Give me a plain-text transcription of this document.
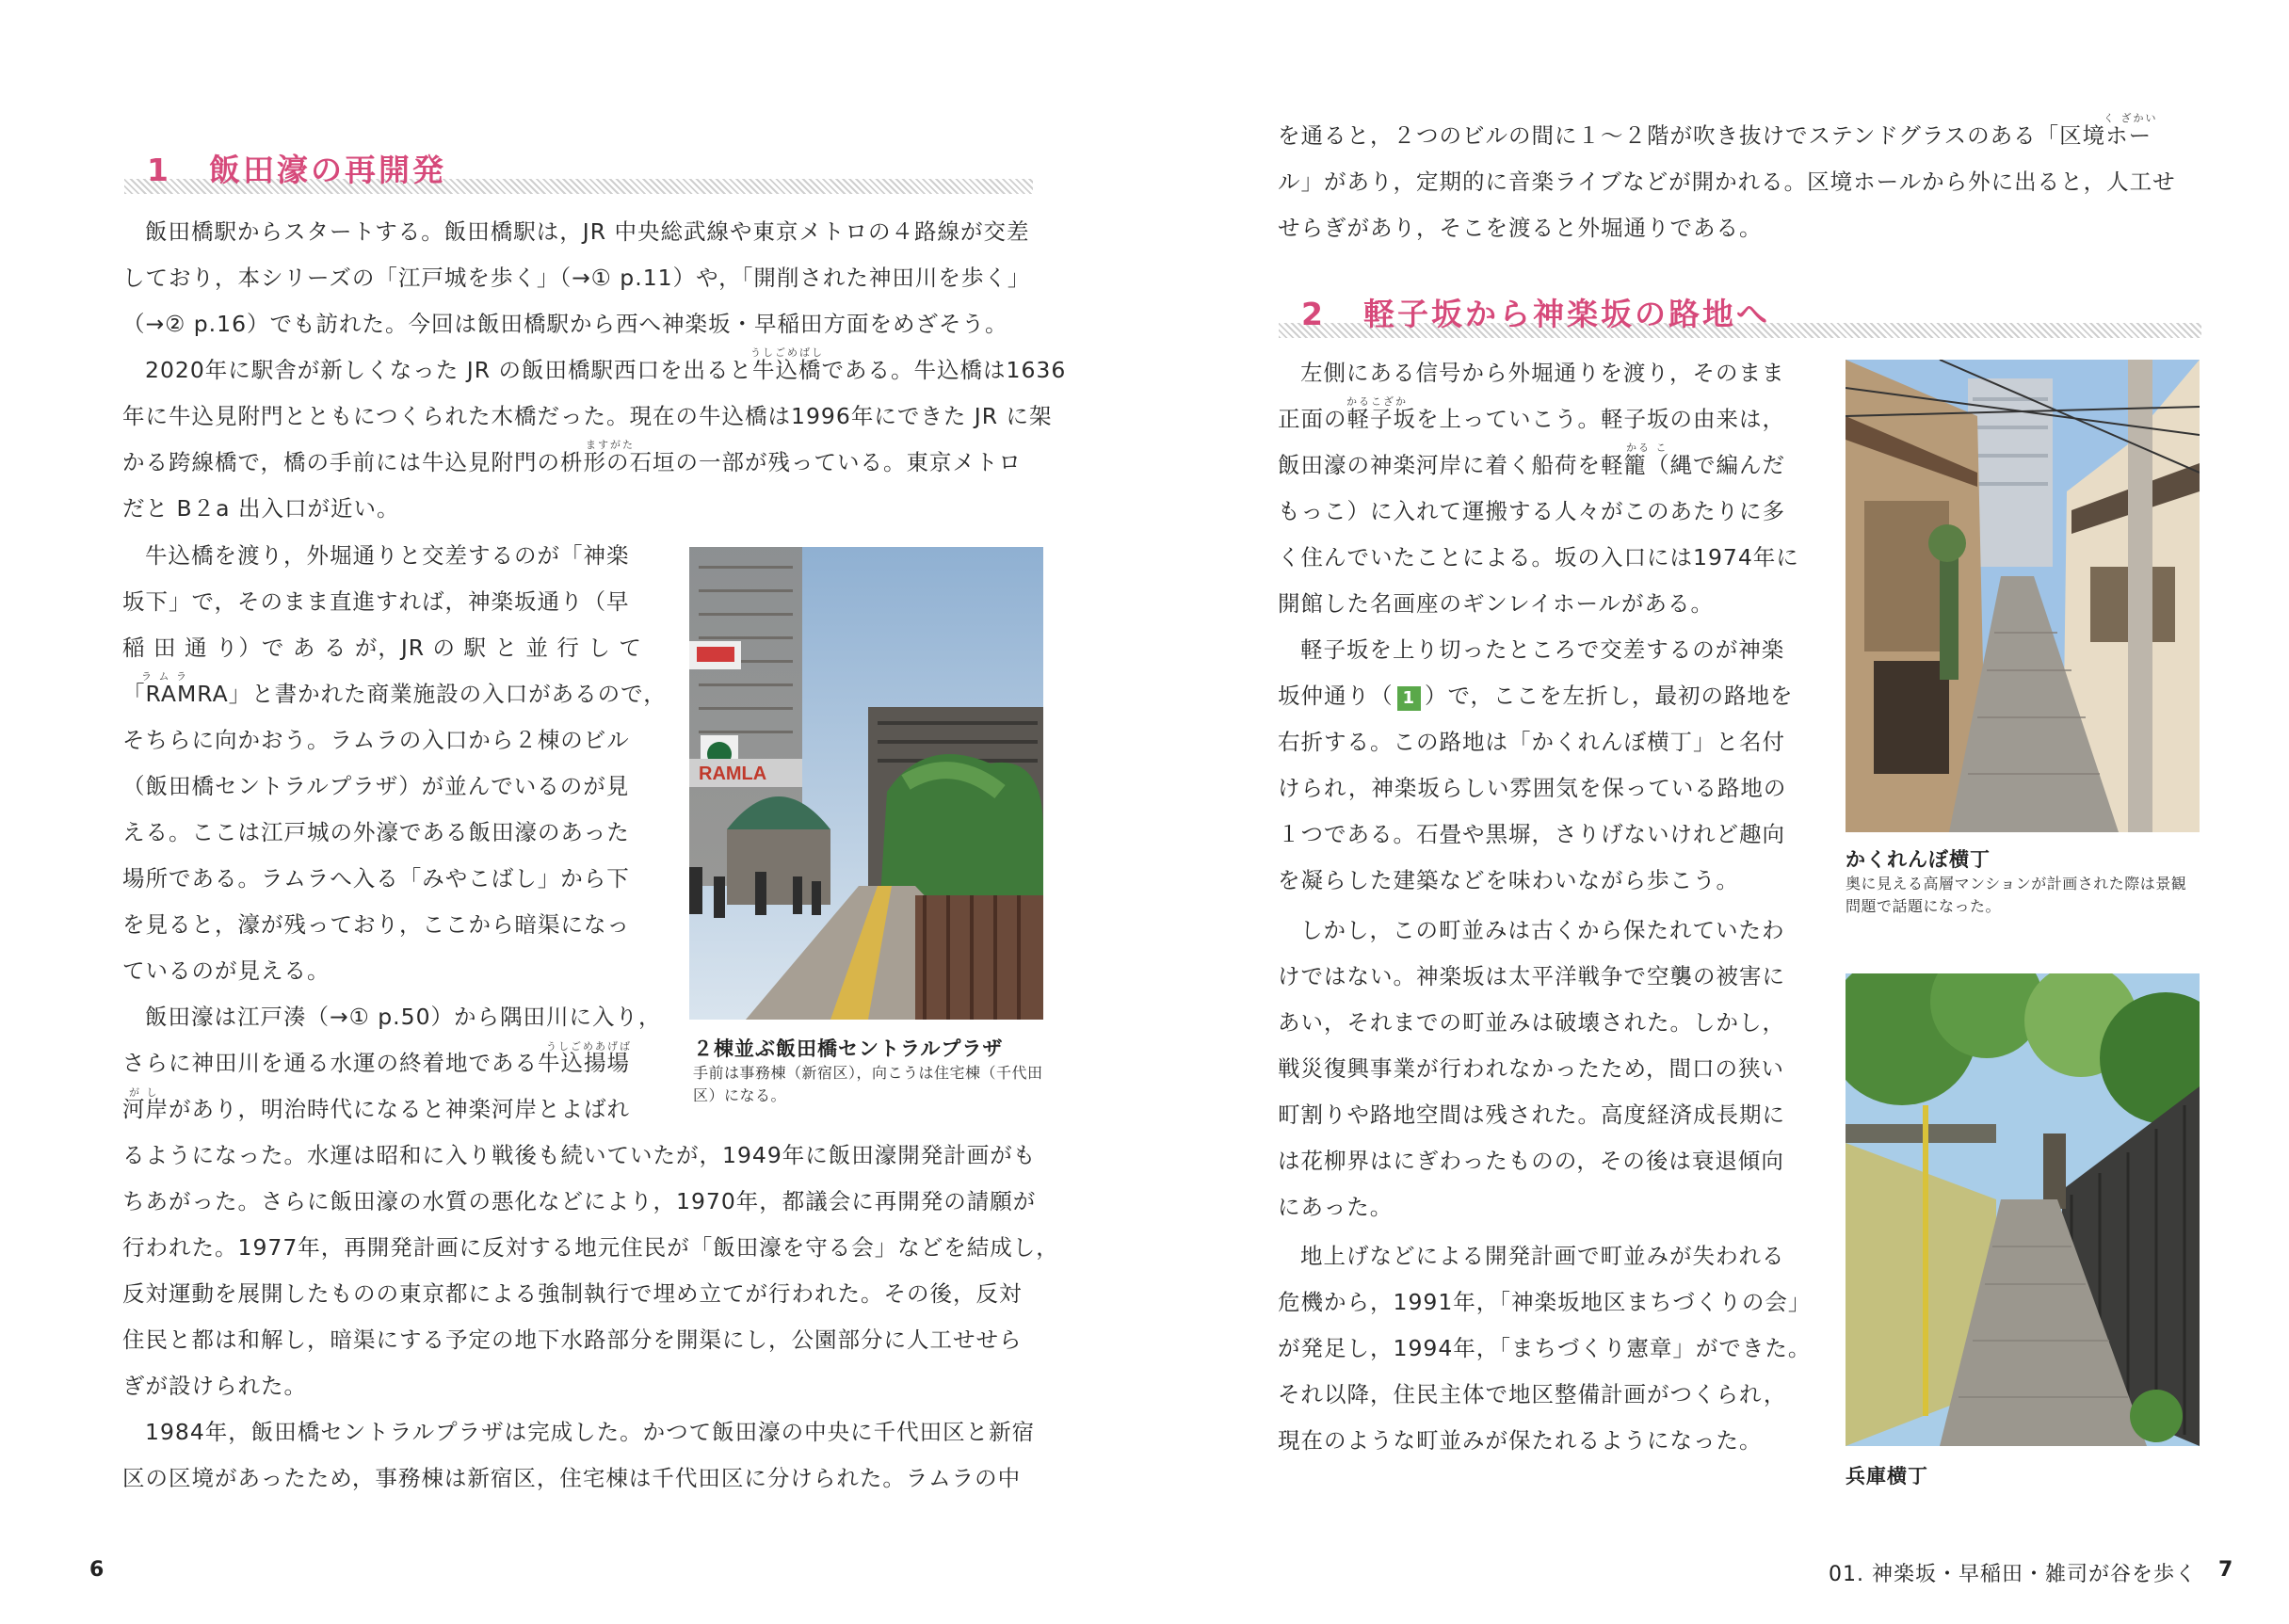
1 飯田濠の再開発
飯田橋駅からスタートする。飯田橋駅は，JR 中央総武線や東京メトロの４路線が交差
しており，本シリーズの「江戸城を歩く」（→① p.11）や，「開削された神田川を歩く」
（→② p.16）でも訪れた。今回は飯田橋駅から西へ神楽坂・早稲田方面をめざそう。
2020年に駅舎が新しくなった JR の飯田橋駅西口を出ると牛込橋である。牛込橋は1636
年に牛込見附門とともにつくられた木橋だった。現在の牛込橋は1996年にできた JR に架
かる跨線橋で，橋の手前には牛込見附門の枡形の石垣の一部が残っている。東京メトロ
だと B２a 出入口が近い。
うしごめばし
ますがた
牛込橋を渡り，外堀通りと交差するのが「神楽
坂下」で，そのまま直進すれば，神楽坂通り（早
稲 田 通 り）で あ る が，JR の 駅 と 並 行 し て
「RAMRA」と書かれた商業施設の入口があるので，
そちらに向かおう。ラムラの入口から２棟のビル
（飯田橋セントラルプラザ）が並んでいるのが見
える。ここは江戸城の外濠である飯田濠のあった
場所である。ラムラへ入る「みやこばし」から下
を見ると，濠が残っており，ここから暗渠になっ
ているのが見える。
ラ ム ラ
飯田濠は江戸湊（→① p.50）から隅田川に入り，
さらに神田川を通る水運の終着地である牛込揚場
河岸があり，明治時代になると神楽河岸とよばれ
うしごめあげば
が し
るようになった。水運は昭和に入り戦後も続いていたが，1949年に飯田濠開発計画がも
ちあがった。さらに飯田濠の水質の悪化などにより，1970年，都議会に再開発の請願が
行われた。1977年，再開発計画に反対する地元住民が「飯田濠を守る会」などを結成し，
反対運動を展開したものの東京都による強制執行で埋め立てが行われた。その後，反対
住民と都は和解し，暗渠にする予定の地下水路部分を開渠にし，公園部分に人工せせら
ぎが設けられた。
1984年，飯田橋セントラルプラザは完成した。かつて飯田濠の中央に千代田区と新宿
区の区境があったため，事務棟は新宿区，住宅棟は千代田区に分けられた。ラムラの中
RAMLA
２棟並ぶ飯田橋セントラルプラザ
手前は事務棟（新宿区），向こうは住宅棟（千代田区）になる。
6
を通ると，２つのビルの間に１～２階が吹き抜けでステンドグラスのある「区境ホー
ル」があり，定期的に音楽ライブなどが開かれる。区境ホールから外に出ると，人工せ
せらぎがあり，そこを渡ると外堀通りである。
く ざかい
2 軽子坂から神楽坂の路地へ
左側にある信号から外堀通りを渡り，そのまま
正面の軽子坂を上っていこう。軽子坂の由来は，
飯田濠の神楽河岸に着く船荷を軽籠（縄で編んだ
もっこ）に入れて運搬する人々がこのあたりに多
く住んでいたことによる。坂の入口には1974年に
開館した名画座のギンレイホールがある。
かるこざか
かる こ
軽子坂を上り切ったところで交差するのが神楽
坂仲通り（ 1 ）で，ここを左折し，最初の路地を
右折する。この路地は「かくれんぼ横丁」と名付
けられ，神楽坂らしい雰囲気を保っている路地の
１つである。石畳や黒塀，さりげないけれど趣向
を凝らした建築などを味わいながら歩こう。
しかし，この町並みは古くから保たれていたわ
けではない。神楽坂は太平洋戦争で空襲の被害に
あい，それまでの町並みは破壊された。しかし，
戦災復興事業が行われなかったため，間口の狭い
町割りや路地空間は残された。高度経済成長期に
は花柳界はにぎわったものの，その後は衰退傾向
にあった。
地上げなどによる開発計画で町並みが失われる
危機から，1991年，「神楽坂地区まちづくりの会」
が発足し，1994年，「まちづくり憲章」ができた。
それ以降，住民主体で地区整備計画がつくられ，
現在のような町並みが保たれるようになった。
かくれんぼ横丁
奥に見える高層マンションが計画された際は景観問題で話題になった。
兵庫横丁
01. 神楽坂・早稲田・雑司が谷を歩く 7
